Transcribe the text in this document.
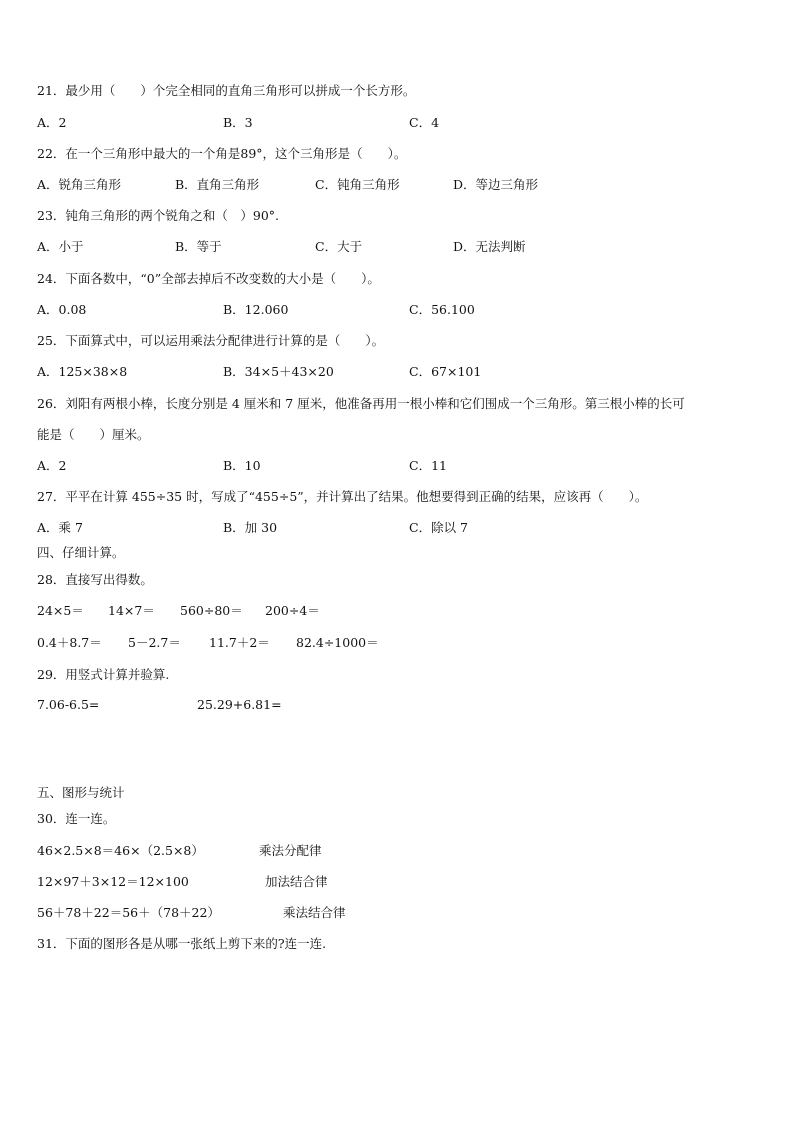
21．最少用（　　）个完全相同的直角三角形可以拼成一个长方形。
A．2	B．3	C．4
22．在一个三角形中最大的一个角是89°，这个三角形是（　　）。
A．锐角三角形	B．直角三角形	C．钝角三角形	D．等边三角形
23．钝角三角形的两个锐角之和（　）90°.
A．小于	B．等于	C．大于	D．无法判断
24．下面各数中，“0”全部去掉后不改变数的大小是（　　）。
A．0.08	B．12.060	C．56.100
25．下面算式中，可以运用乘法分配律进行计算的是（　　）。
A．125×38×8	B．34×5＋43×20	C．67×101
26．刘阳有两根小棒，长度分别是 4 厘米和 7 厘米，他准备再用一根小棒和它们围成一个三角形。第三根小棒的长可
能是（　　）厘米。
A．2	B．10	C．11
27．平平在计算 455÷35 时，写成了“455÷5”，并计算出了结果。他想要得到正确的结果，应该再（　　）。
A．乘 7	B．加 30	C．除以 7
四、仔细计算。
28．直接写出得数。
24×5＝ 14×7＝ 560÷80＝ 200÷4＝
0.4＋8.7＝ 5－2.7＝ 11.7＋2＝ 82.4÷1000＝
29．用竖式计算并验算.
7.06-6.5=	25.29+6.81=
五、图形与统计
30．连一连。
46×2.5×8＝46×（2.5×8）	乘法分配律
12×97＋3×12＝12×100	加法结合律
56＋78＋22＝56＋（78＋22）	乘法结合律
31．下面的图形各是从哪一张纸上剪下来的?连一连.
